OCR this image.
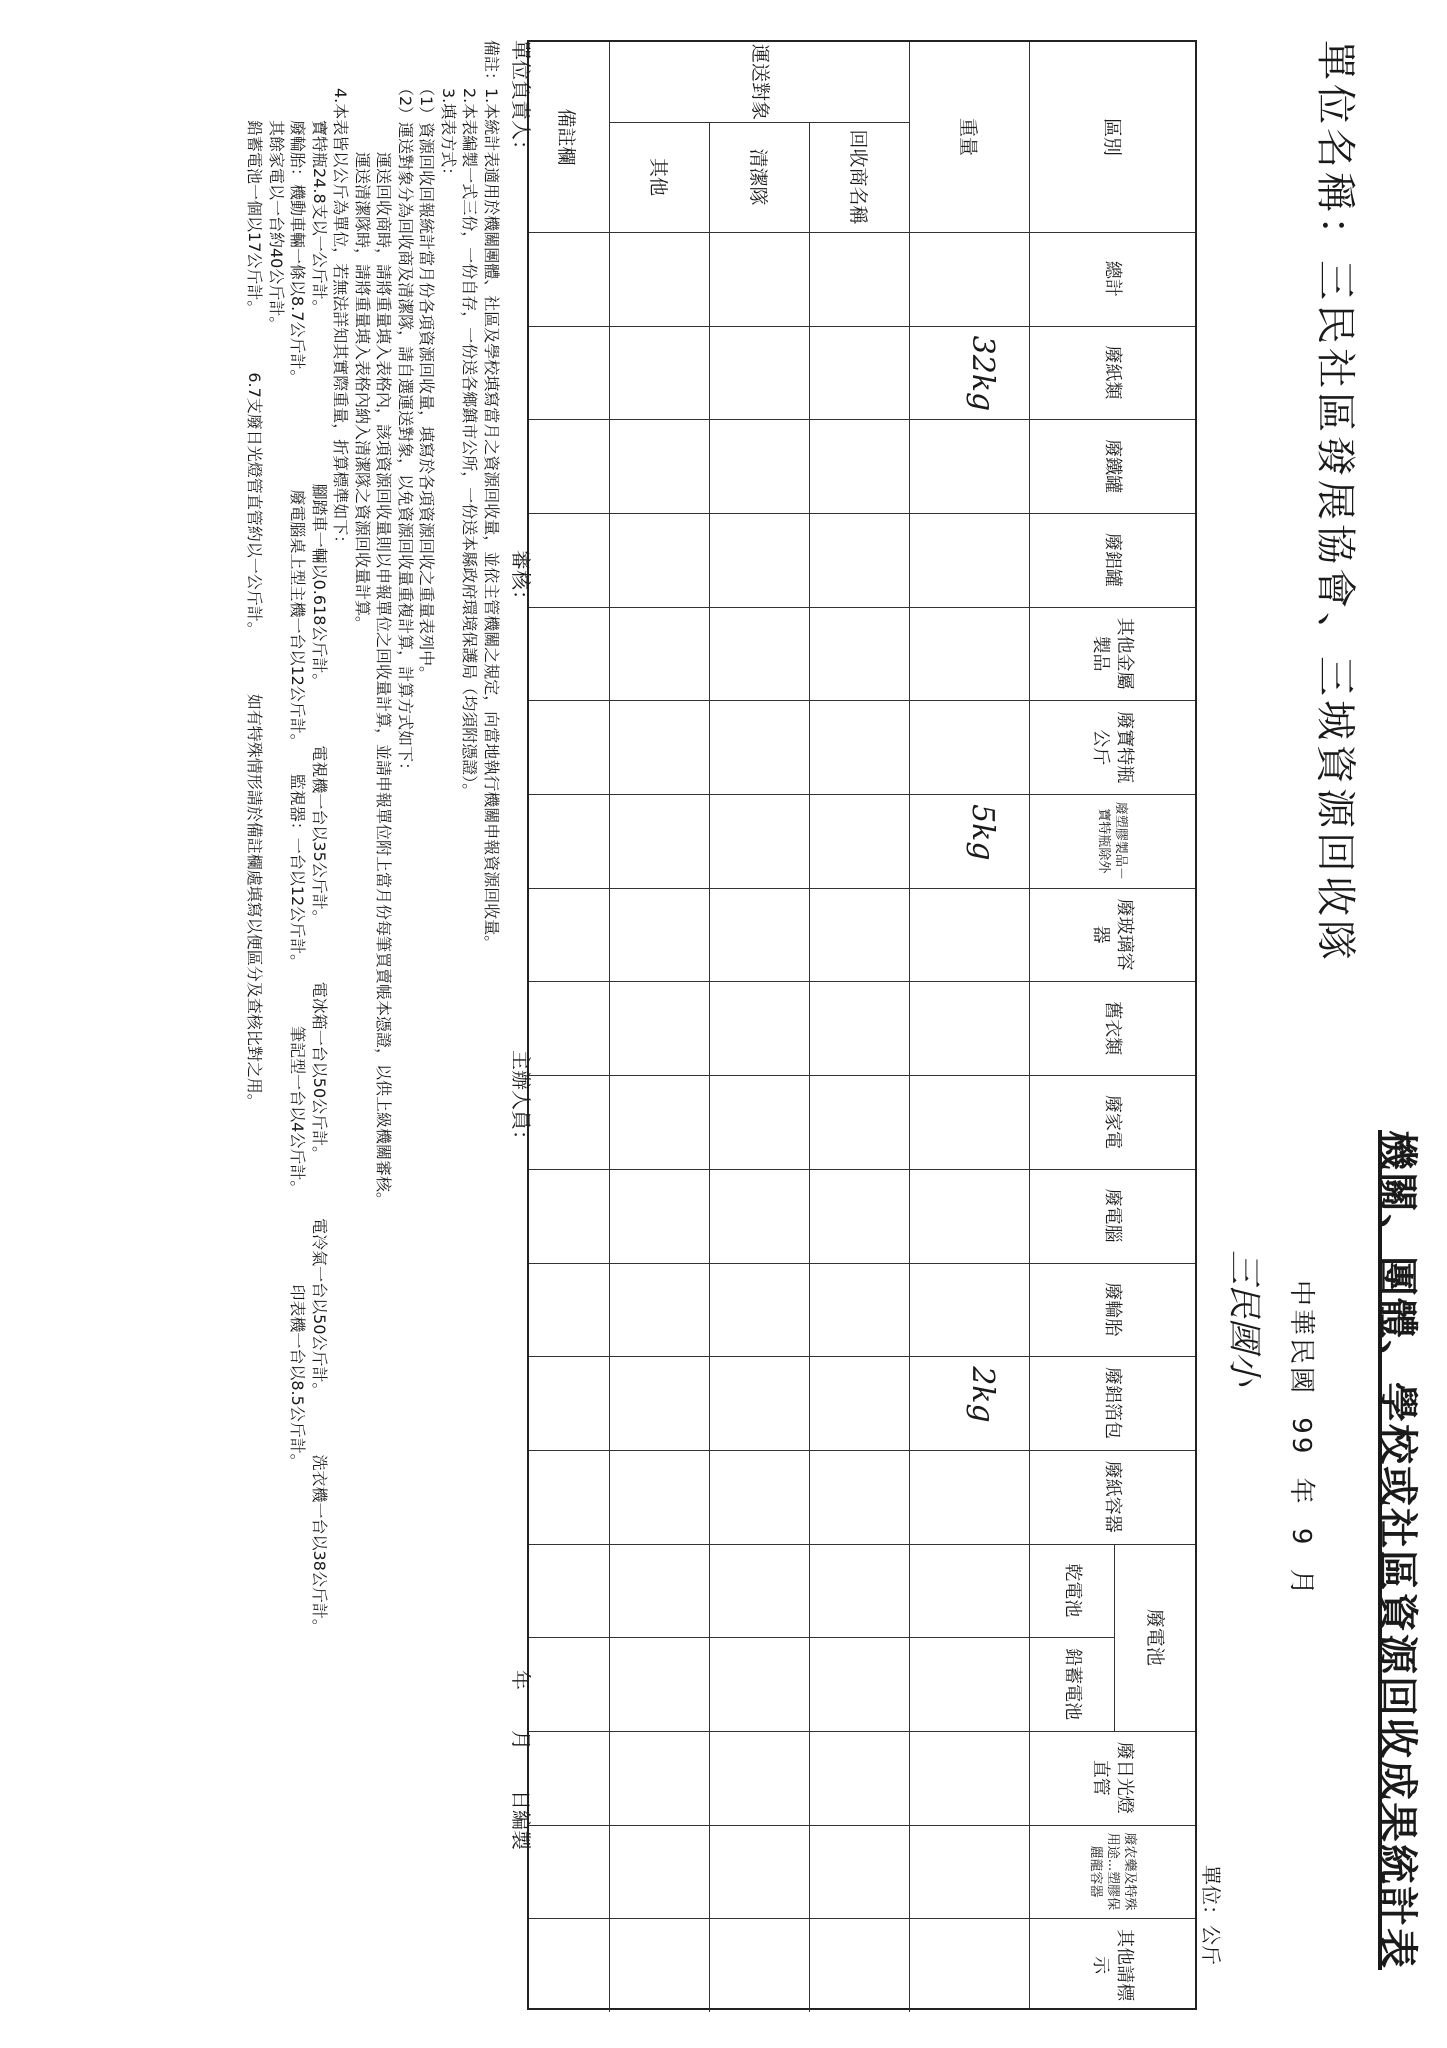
機關、團體、學校或社區資源回收成果統計表
單位名稱：三民社區發展協會、三城資源回收隊
中華民國 99 年 9 月
三民國小
單位：公斤
廢電池
區別
總計
廢紙類
廢鐵罐
廢鋁罐
其他金屬製品
廢寶特瓶公斤
廢塑膠製品－寶特瓶除外
廢玻璃容器
舊衣類
廢家電
廢電腦
廢輪胎
廢鋁箔包
廢紙容器
乾電池
鉛蓄電池
廢日光燈直管
廢农藥及特殊用途...塑膠保麗龍容器
其他請標示
重量
32kg
5kg
2kg
回收商名稱
清潔隊
其他
備註欄
運送對象
單位負責人：
審核：
主辦人員：
年　　月　　日編製
備註：1.本統計表適用於機關團體、社區及學校填寫當月之資源回收量，並依主管機關之規定，向當地執行機關申報資源回收量。
　　　2.本表編製一式三份，一份自存，一份送各鄉鎮市公所，一份送本縣政府環境保護局（均須附憑證）。
　　　3.填表方式：
　　　（1）資源回收回報統計當月份各項資源回收量，填寫於各項資源回收之重量表列中。
　　　（2）運送對象分為回收商及清潔隊，請自選運送對象，以免資源回收量重複計算，計算方式如下：
　　　　　　　運送回收商時，請將重量填入表格內，該項資源回收量則以申報單位之回收量計算，並請申報單位附上當月份每筆買賣帳本憑證，以供上級機關審核。
　　　　　　　運送清潔隊時，請將重量填入表格內納入清潔隊之資源回收量計算。
　　　4.本表皆以公斤為單位，若無法詳知其實際重量，折算標準如下：
　　　　　寶特瓶24.8支以一公斤計。　　　　　　　　　　　腳踏車一輛以0.618公斤計。　　　　電視機一台以35公斤計。　　　　電冰箱一台以50公斤計。　　　　電冷氣一台以50公斤計。　　　　洗衣機一台以38公斤計。
　　　　　廢輪胎：機動車輛一條以8.7公斤計。　　　　　　　廢電腦桌上型主機一台以12公斤計。　　監視器：一台以12公斤計。　　　　筆記型一台以4公斤計。　　　　　　印表機一台以8.5公斤計。
　　　　　其餘家電以一台約40公斤計。
　　　　　鉛蓄電池一個以17公斤計。　　　　6.7支廢日光燈管直管約以一公斤計。　　　　如有特殊情形請於備註欄處填寫以便區分及查核比對之用。
